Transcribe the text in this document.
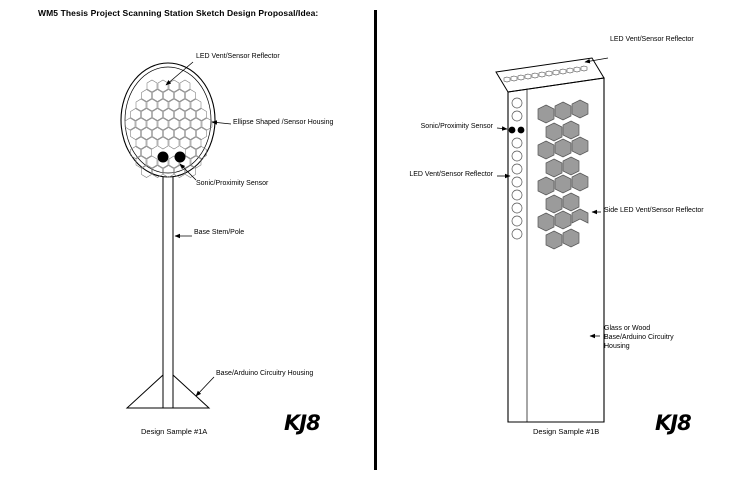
WM5 Thesis Project Scanning Station Sketch Design Proposal/Idea:
LED Vent/Sensor Reflector
Ellipse Shaped /Sensor Housing
Sonic/Proximity Sensor
Base Stem/Pole
Base/Arduino Circuitry Housing
Design Sample #1A	KJ8
LED Vent/Sensor Reflector
Sonic/Proximity Sensor
LED Vent/Sensor Reflector
Side LED Vent/Sensor Reflector
Glass or Wood Base/Arduino Circuitry Housing
Design Sample #1B	KJ8
